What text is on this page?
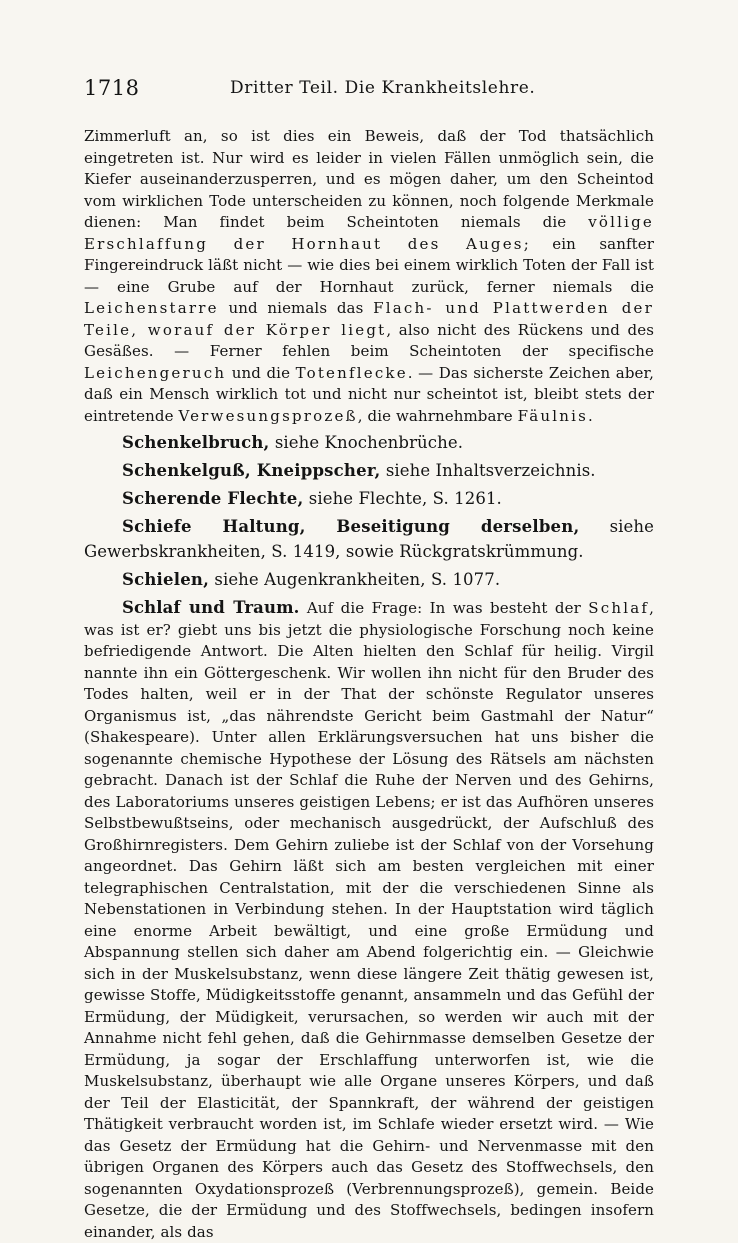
1718	Dritter Teil. Die Krankheitslehre.

Zimmerluft an, so ist dies ein Beweis, daß der Tod thatsächlich eingetreten ist. Nur wird es leider in vielen Fällen unmöglich sein, die Kiefer auseinanderzusperren, und es mögen daher, um den Scheintod vom wirklichen Tode unterscheiden zu können, noch folgende Merkmale dienen: Man findet beim Scheintoten niemals die völlige Erschlaffung der Hornhaut des Auges; ein sanfter Fingereindruck läßt nicht — wie dies bei einem wirklich Toten der Fall ist — eine Grube auf der Hornhaut zurück, ferner niemals die Leichenstarre und niemals das Flach- und Plattwerden der Teile, worauf der Körper liegt, also nicht des Rückens und des Gesäßes. — Ferner fehlen beim Scheintoten der specifische Leichengeruch und die Totenflecke. — Das sicherste Zeichen aber, daß ein Mensch wirklich tot und nicht nur scheintot ist, bleibt stets der eintretende Verwesungsprozeß, die wahrnehmbare Fäulnis.

Schenkelbruch, siehe Knochenbrüche.

Schenkelguß, Kneippscher, siehe Inhaltsverzeichnis.

Scherende Flechte, siehe Flechte, S. 1261.

Schiefe Haltung, Beseitigung derselben, siehe Gewerbskrankheiten, S. 1419, sowie Rückgratskrümmung.

Schielen, siehe Augenkrankheiten, S. 1077.

Schlaf und Traum. Auf die Frage: In was besteht der Schlaf, was ist er? giebt uns bis jetzt die physiologische Forschung noch keine befriedigende Antwort. Die Alten hielten den Schlaf für heilig. Virgil nannte ihn ein Göttergeschenk. Wir wollen ihn nicht für den Bruder des Todes halten, weil er in der That der schönste Regulator unseres Organismus ist, „das nährendste Gericht beim Gastmahl der Natur“ (Shakespeare). Unter allen Erklärungsversuchen hat uns bisher die sogenannte chemische Hypothese der Lösung des Rätsels am nächsten gebracht. Danach ist der Schlaf die Ruhe der Nerven und des Gehirns, des Laboratoriums unseres geistigen Lebens; er ist das Aufhören unseres Selbstbewußtseins, oder mechanisch ausgedrückt, der Aufschluß des Großhirnregisters. Dem Gehirn zuliebe ist der Schlaf von der Vorsehung angeordnet. Das Gehirn läßt sich am besten vergleichen mit einer telegraphischen Centralstation, mit der die verschiedenen Sinne als Nebenstationen in Verbindung stehen. In der Hauptstation wird täglich eine enorme Arbeit bewältigt, und eine große Ermüdung und Abspannung stellen sich daher am Abend folgerichtig ein. — Gleichwie sich in der Muskelsubstanz, wenn diese längere Zeit thätig gewesen ist, gewisse Stoffe, Müdigkeitsstoffe genannt, ansammeln und das Gefühl der Ermüdung, der Müdigkeit, verursachen, so werden wir auch mit der Annahme nicht fehl gehen, daß die Gehirnmasse demselben Gesetze der Ermüdung, ja sogar der Erschlaffung unterworfen ist, wie die Muskelsubstanz, überhaupt wie alle Organe unseres Körpers, und daß der Teil der Elasticität, der Spannkraft, der während der geistigen Thätigkeit verbraucht worden ist, im Schlafe wieder ersetzt wird. — Wie das Gesetz der Ermüdung hat die Gehirn- und Nervenmasse mit den übrigen Organen des Körpers auch das Gesetz des Stoffwechsels, den sogenannten Oxydationsprozeß (Verbrennungsprozeß), gemein. Beide Gesetze, die der Ermüdung und des Stoffwechsels, bedingen insofern einander, als das
